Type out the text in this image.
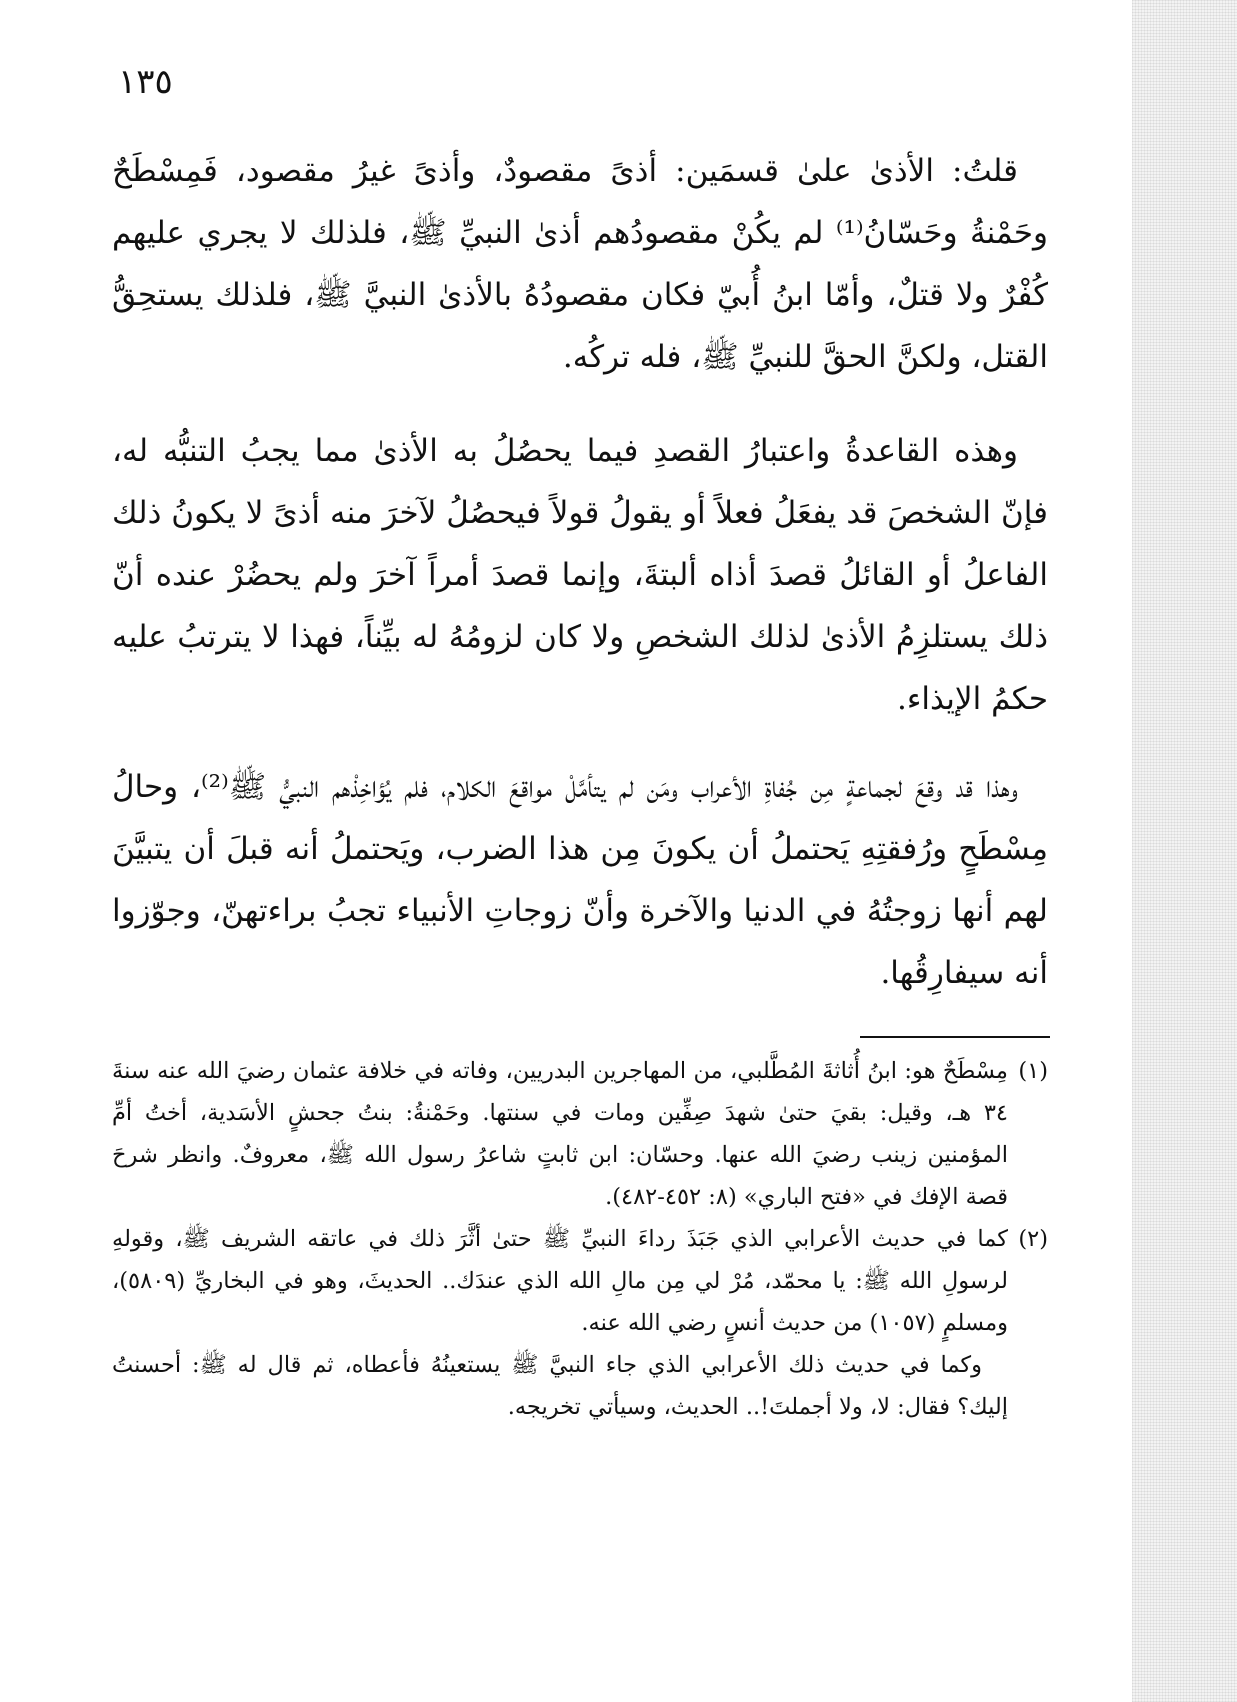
١٣٥

قلتُ: الأذىٰ علىٰ قسمَين: أذىً مقصودٌ، وأذىً غيرُ مقصود، فَمِسْطَحٌ وحَمْنةُ وحَسّانُ⁽¹⁾ لم يكُنْ مقصودُهم أذىٰ النبيِّ ﷺ، فلذلك لا يجري عليهم كُفْرٌ ولا قتلٌ، وأمّا ابنُ أُبيّ فكان مقصودُهُ بالأذىٰ النبيَّ ﷺ، فلذلك يستحِقُّ القتل، ولكنَّ الحقَّ للنبيِّ ﷺ، فله تركُه.

وهذه القاعدةُ واعتبارُ القصدِ فيما يحصُلُ به الأذىٰ مما يجبُ التنبُّه له، فإنّ الشخصَ قد يفعَلُ فعلاً أو يقولُ قولاً فيحصُلُ لآخرَ منه أذىً لا يكونُ ذلك الفاعلُ أو القائلُ قصدَ أذاه ألبتةَ، وإنما قصدَ أمراً آخرَ ولم يحضُرْ عنده أنّ ذلك يستلزِمُ الأذىٰ لذلك الشخصِ ولا كان لزومُهُ له بيِّناً، فهذا لا يترتبُ عليه حكمُ الإيذاء.

وهذا قد وقعَ لجماعةٍ مِن جُفاةِ الأعراب ومَن لم يتأمَّلْ مواقعَ الكلام، فلم يُؤاخِذْهم النبيُّ ﷺ⁽²⁾، وحالُ مِسْطَحٍ ورُفقتِهِ يَحتملُ أن يكونَ مِن هذا الضرب، ويَحتملُ أنه قبلَ أن يتبيَّنَ لهم أنها زوجتُهُ في الدنيا والآخرة وأنّ زوجاتِ الأنبياء تجبُ براءتهنّ، وجوّزوا أنه سيفارِقُها.

(١)مِسْطَحٌ هو: ابنُ أُثاثةَ المُطَّلبي، من المهاجرين البدريين، وفاته في خلافة عثمان رضيَ الله عنه سنةَ ٣٤ هـ، وقيل: بقيَ حتىٰ شهدَ صِفِّين ومات في سنتها. وحَمْنةُ: بنتُ جحشٍ الأسَدية، أختُ أمِّ المؤمنين زينب رضيَ الله عنها. وحسّان: ابن ثابتٍ شاعرُ رسول الله ﷺ، معروفٌ. وانظر شرحَ قصة الإفك في «فتح الباري» (٨: ٤٥٢-٤٨٢).

(٢)كما في حديث الأعرابي الذي جَبَذَ رداءَ النبيِّ ﷺ حتىٰ أثَّرَ ذلك في عاتقه الشريف ﷺ، وقولهِ لرسولِ الله ﷺ: يا محمّد، مُرْ لي مِن مالِ الله الذي عندَك.. الحديثَ، وهو في البخاريِّ (٥٨٠٩)، ومسلمٍ (١٠٥٧) من حديث أنسٍ رضي الله عنه.

وكما في حديث ذلك الأعرابي الذي جاء النبيَّ ﷺ يستعينُهُ فأعطاه، ثم قال له ﷺ: أحسنتُ إليك؟ فقال: لا، ولا أجملتَ!.. الحديث، وسيأتي تخريجه.
